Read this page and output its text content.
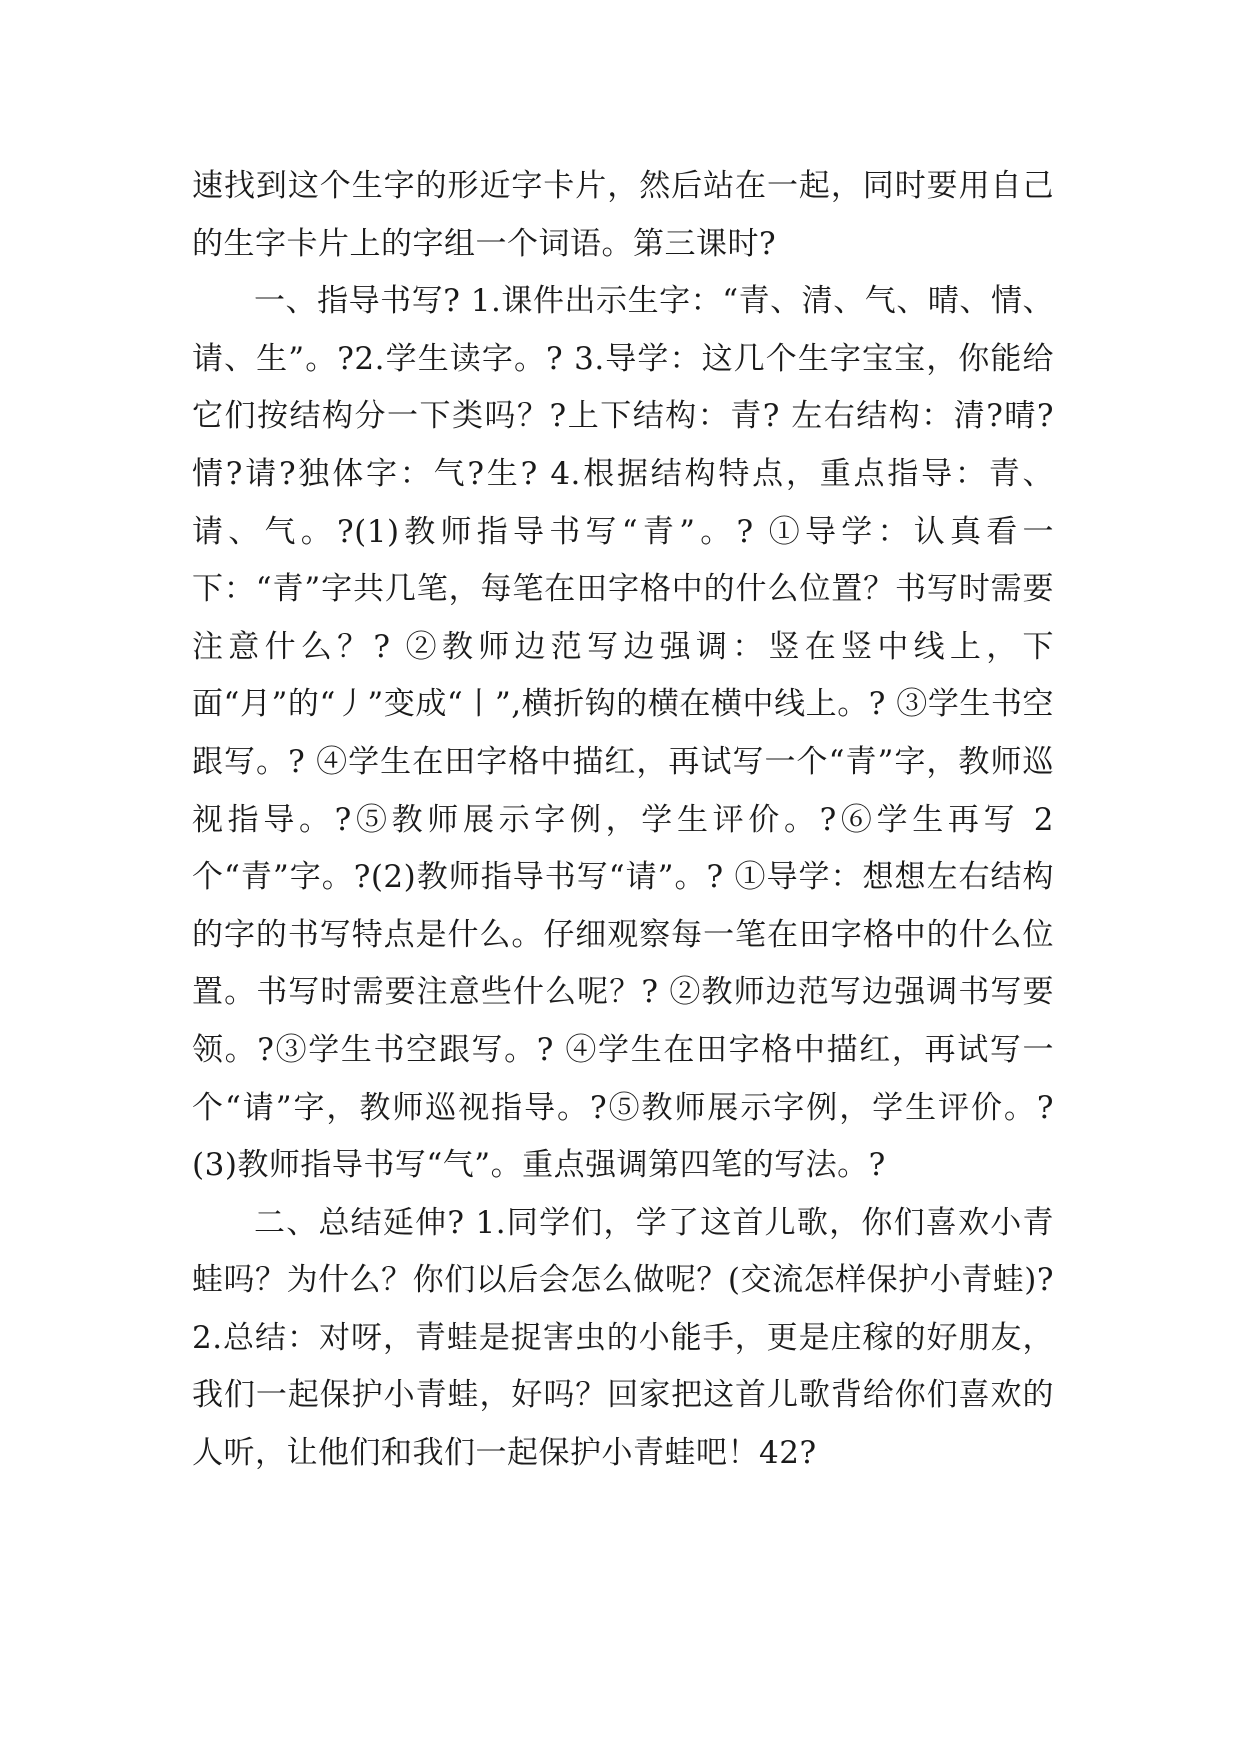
速找到这个生字的形近字卡片，然后站在一起，同时要用自己的生字卡片上的字组一个词语。第三课时?

一、指导书写? 1.课件出示生字：“青、清、气、晴、情、请、生”。?2.学生读字。? 3.导学：这几个生字宝宝，你能给它们按结构分一下类吗？?上下结构：青? 左右结构：清?晴?情?请?独体字：气?生? 4.根据结构特点，重点指导：青、请、气。?(1)教师指导书写“青”。? ①导学：认真看一下：“青”字共几笔，每笔在田字格中的什么位置？书写时需要注意什么？? ②教师边范写边强调：竖在竖中线上，下面“月”的“丿”变成“丨”,横折钩的横在横中线上。? ③学生书空跟写。? ④学生在田字格中描红，再试写一个“青”字，教师巡视指导。?⑤教师展示字例，学生评价。?⑥学生再写 2 个“青”字。?(2)教师指导书写“请”。? ①导学：想想左右结构的字的书写特点是什么。仔细观察每一笔在田字格中的什么位置。书写时需要注意些什么呢？? ②教师边范写边强调书写要领。?③学生书空跟写。? ④学生在田字格中描红，再试写一个“请”字，教师巡视指导。?⑤教师展示字例，学生评价。?(3)教师指导书写“气”。重点强调第四笔的写法。?

二、总结延伸? 1.同学们，学了这首儿歌，你们喜欢小青蛙吗？为什么？你们以后会怎么做呢？(交流怎样保护小青蛙)? 2.总结：对呀，青蛙是捉害虫的小能手，更是庄稼的好朋友，我们一起保护小青蛙，好吗？回家把这首儿歌背给你们喜欢的人听，让他们和我们一起保护小青蛙吧！42?
